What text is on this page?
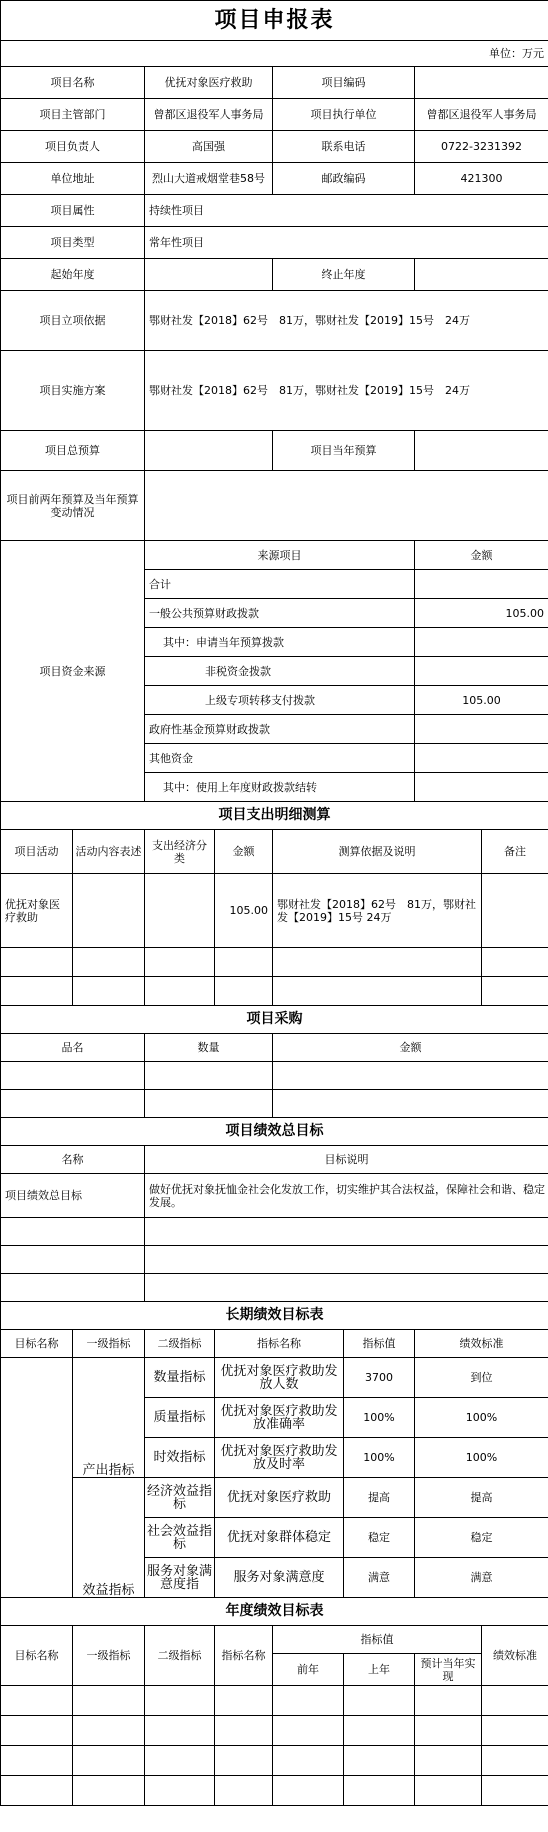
项目申报表							
单位：万元							
项目名称		优抚对象医疗救助		项目编码			
项目主管部门		曾都区退役军人事务局		项目执行单位		曾都区退役军人事务局	
项目负责人		高国强		联系电话		0722-3231392	
单位地址		烈山大道戒烟堂巷58号		邮政编码		421300	
项目属性		持续性项目					
项目类型		常年性项目					
起始年度				终止年度			
项目立项依据		鄂财社发【2018】62号　81万，鄂财社发【2019】15号　24万					
项目实施方案		鄂财社发【2018】62号　81万，鄂财社发【2019】15号　24万					
项目总预算				项目当年预算			
项目前两年预算及当年预算变动情况							
项目资金来源		来源项目				金额	
		合计					
		一般公共预算财政拨款				105.00	
		其中：申请当年预算拨款					
		非税资金拨款					
		上级专项转移支付拨款				105.00	
		政府性基金预算财政拨款					
		其他资金					
		其中：使用上年度财政拨款结转					
项目支出明细测算							
项目活动	活动内容表述	支出经济分类	金额	测算依据及说明			备注
优抚对象医疗救助			105.00	鄂财社发【2018】62号　81万，鄂财社发【2019】15号 24万			

项目采购							
品名		数量		金额			

项目绩效总目标							
名称		目标说明					
项目绩效总目标		做好优抚对象抚恤金社会化发放工作，切实维护其合法权益，保障社会和谐、稳定发展。					

长期绩效目标表							
目标名称	一级指标	二级指标	指标名称		指标值	绩效标准	
	产出指标	数量指标	优抚对象医疗救助发放人数		3700	到位	
		质量指标	优抚对象医疗救助发放准确率		100%	100%	
		时效指标	优抚对象医疗救助发放及时率		100%	100%	
	效益指标	经济效益指标	优抚对象医疗救助		提高	提高	
		社会效益指标	优抚对象群体稳定		稳定	稳定	
		服务对象满意度指	服务对象满意度		满意	满意	
年度绩效目标表							
目标名称	一级指标	二级指标	指标名称	指标值			绩效标准
				前年	上年	预计当年实现	
